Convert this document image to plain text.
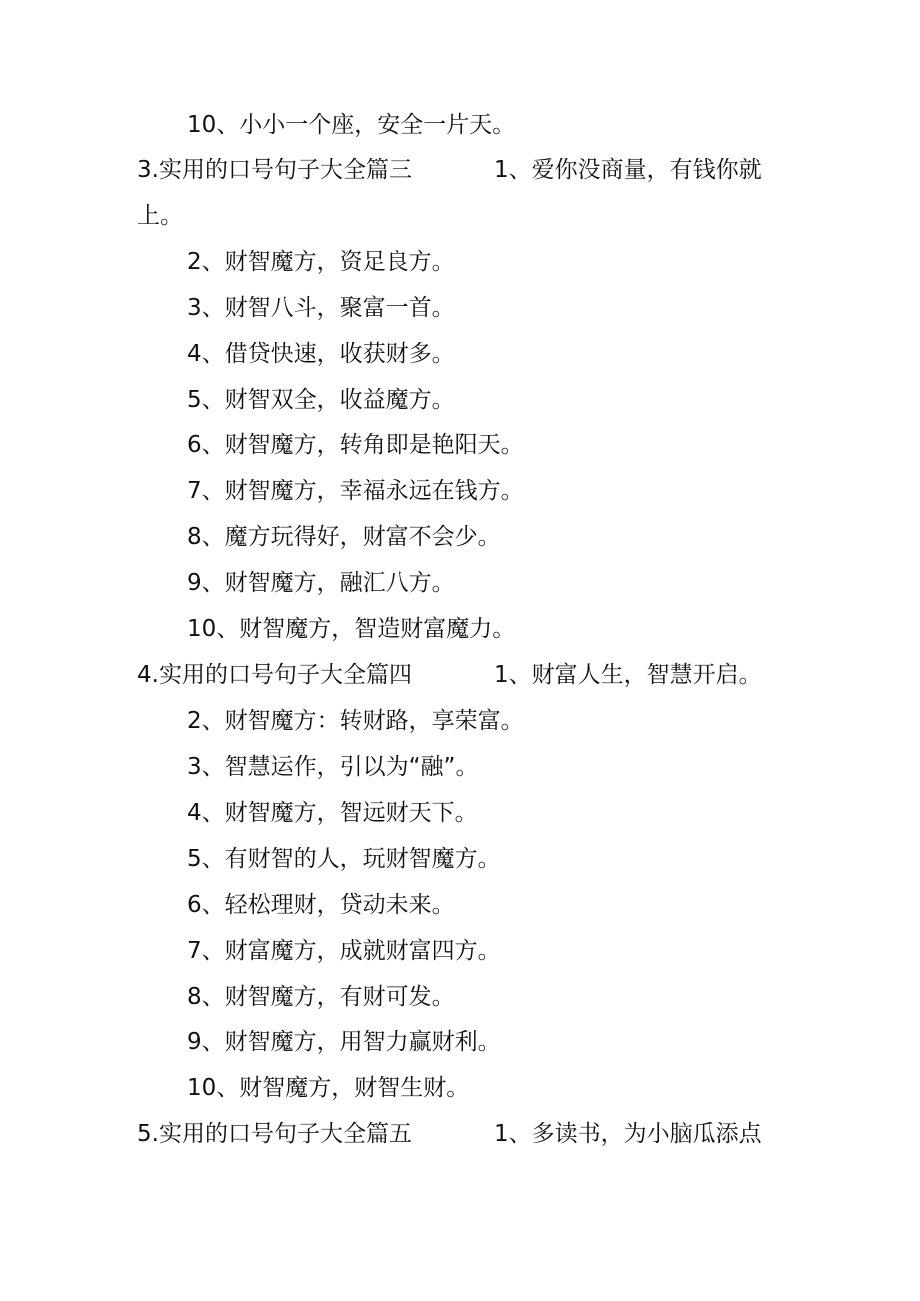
10、小小一个座，安全一片天。
3.实用的口号句子大全篇三	1、爱你没商量，有钱你就
上。
2、财智魔方，资足良方。
3、财智八斗，聚富一首。
4、借贷快速，收获财多。
5、财智双全，收益魔方。
6、财智魔方，转角即是艳阳天。
7、财智魔方，幸福永远在钱方。
8、魔方玩得好，财富不会少。
9、财智魔方，融汇八方。
10、财智魔方，智造财富魔力。
4.实用的口号句子大全篇四	1、财富人生，智慧开启。
2、财智魔方：转财路，享荣富。
3、智慧运作，引以为“融”。
4、财智魔方，智远财天下。
5、有财智的人，玩财智魔方。
6、轻松理财，贷动未来。
7、财富魔方，成就财富四方。
8、财智魔方，有财可发。
9、财智魔方，用智力赢财利。
10、财智魔方，财智生财。
5.实用的口号句子大全篇五	1、多读书，为小脑瓜添点
